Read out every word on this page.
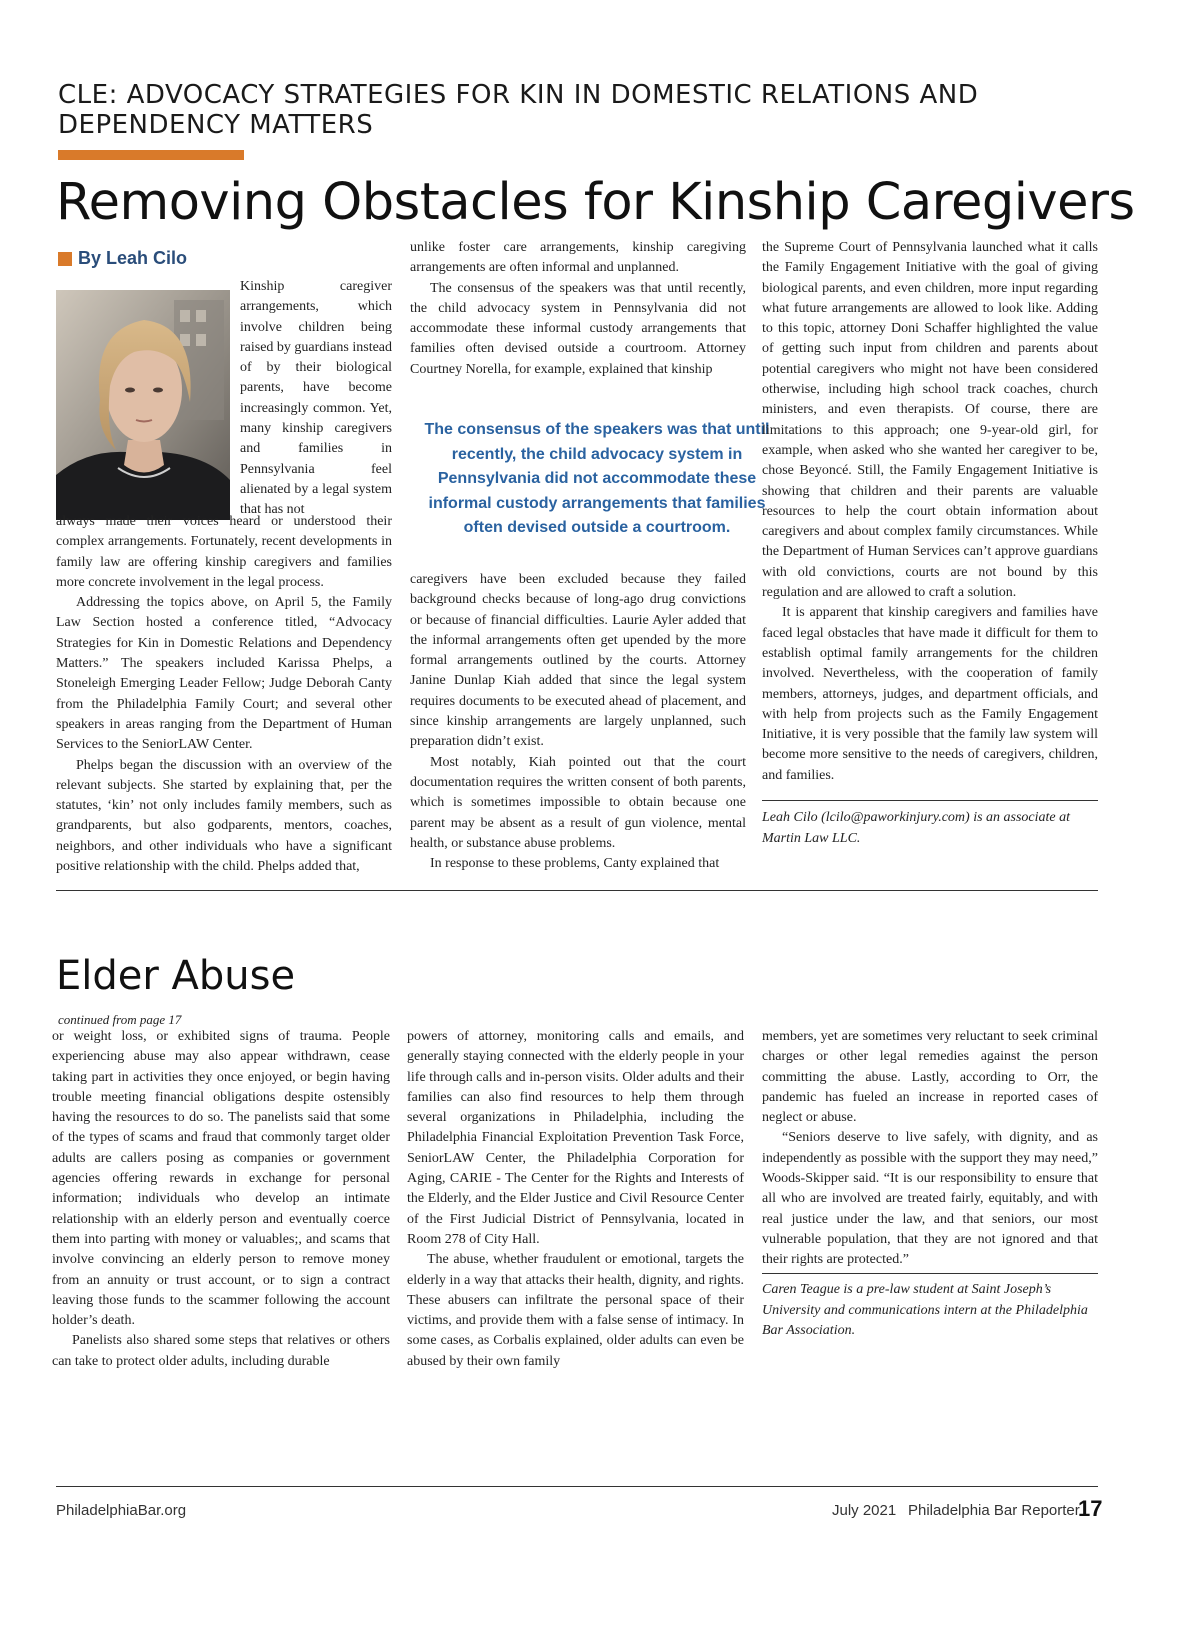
CLE: ADVOCACY STRATEGIES FOR KIN IN DOMESTIC RELATIONS AND DEPENDENCY MATTERS
Removing Obstacles for Kinship Caregivers
By Leah Cilo

Kinship caregiver arrangements, which involve children being raised by guardians instead of by their biological parents, have become increasingly common. Yet, many kinship caregivers and families in Pennsylvania feel alienated by a legal system that has not

always made their voices heard or understood their complex arrangements. Fortunately, recent developments in family law are offering kinship caregivers and families more concrete involvement in the legal process.

Addressing the topics above, on April 5, the Family Law Section hosted a conference titled, “Advocacy Strategies for Kin in Domestic Relations and Dependency Matters.” The speakers included Karissa Phelps, a Stoneleigh Emerging Leader Fellow; Judge Deborah Canty from the Philadelphia Family Court; and several other speakers in areas ranging from the Department of Human Services to the SeniorLAW Center.

Phelps began the discussion with an overview of the relevant subjects. She started by explaining that, per the statutes, ‘kin’ not only includes family members, such as grandparents, but also godparents, mentors, coaches, neighbors, and other individuals who have a significant positive relationship with the child. Phelps added that,

unlike foster care arrangements, kinship caregiving arrangements are often informal and unplanned.

The consensus of the speakers was that until recently, the child advocacy system in Pennsylvania did not accommodate these informal custody arrangements that families often devised outside a courtroom. Attorney Courtney Norella, for example, explained that kinship

The consensus of the speakers was that until recently, the child advocacy system in Pennsylvania did not accommodate these informal custody arrangements that families often devised outside a courtroom.

caregivers have been excluded because they failed background checks because of long-ago drug convictions or because of financial difficulties. Laurie Ayler added that the informal arrangements often get upended by the more formal arrangements outlined by the courts. Attorney Janine Dunlap Kiah added that since the legal system requires documents to be executed ahead of placement, and since kinship arrangements are largely unplanned, such preparation didn’t exist.

Most notably, Kiah pointed out that the court documentation requires the written consent of both parents, which is sometimes impossible to obtain because one parent may be absent as a result of gun violence, mental health, or substance abuse problems.

In response to these problems, Canty explained that

the Supreme Court of Pennsylvania launched what it calls the Family Engagement Initiative with the goal of giving biological parents, and even children, more input regarding what future arrangements are allowed to look like. Adding to this topic, attorney Doni Schaffer highlighted the value of getting such input from children and parents about potential caregivers who might not have been considered otherwise, including high school track coaches, church ministers, and even therapists. Of course, there are limitations to this approach; one 9-year-old girl, for example, when asked who she wanted her caregiver to be, chose Beyoncé. Still, the Family Engagement Initiative is showing that children and their parents are valuable resources to help the court obtain information about caregivers and about complex family circumstances. While the Department of Human Services can’t approve guardians with old convictions, courts are not bound by this regulation and are allowed to craft a solution.

It is apparent that kinship caregivers and families have faced legal obstacles that have made it difficult for them to establish optimal family arrangements for the children involved. Nevertheless, with the cooperation of family members, attorneys, judges, and department officials, and with help from projects such as the Family Engagement Initiative, it is very possible that the family law system will become more sensitive to the needs of caregivers, children, and families.

Leah Cilo (lcilo@paworkinjury.com) is an associate at Martin Law LLC.
Elder Abuse
continued from page 17

or weight loss, or exhibited signs of trauma. People experiencing abuse may also appear withdrawn, cease taking part in activities they once enjoyed, or begin having trouble meeting financial obligations despite ostensibly having the resources to do so. The panelists said that some of the types of scams and fraud that commonly target older adults are callers posing as companies or government agencies offering rewards in exchange for personal information; individuals who develop an intimate relationship with an elderly person and eventually coerce them into parting with money or valuables;, and scams that involve convincing an elderly person to remove money from an annuity or trust account, or to sign a contract leaving those funds to the scammer following the account holder’s death.

Panelists also shared some steps that relatives or others can take to protect older adults, including durable

powers of attorney, monitoring calls and emails, and generally staying connected with the elderly people in your life through calls and in-person visits. Older adults and their families can also find resources to help them through several organizations in Philadelphia, including the Philadelphia Financial Exploitation Prevention Task Force, SeniorLAW Center, the Philadelphia Corporation for Aging, CARIE - The Center for the Rights and Interests of the Elderly, and the Elder Justice and Civil Resource Center of the First Judicial District of Pennsylvania, located in Room 278 of City Hall.

The abuse, whether fraudulent or emotional, targets the elderly in a way that attacks their health, dignity, and rights. These abusers can infiltrate the personal space of their victims, and provide them with a false sense of intimacy. In some cases, as Corbalis explained, older adults can even be abused by their own family

members, yet are sometimes very reluctant to seek criminal charges or other legal remedies against the person committing the abuse. Lastly, according to Orr, the pandemic has fueled an increase in reported cases of neglect or abuse.

“Seniors deserve to live safely, with dignity, and as independently as possible with the support they may need,” Woods-Skipper said. “It is our responsibility to ensure that all who are involved are treated fairly, equitably, and with real justice under the law, and that seniors, our most vulnerable population, that they are not ignored and that their rights are protected.”

Caren Teague is a pre-law student at Saint Joseph’s University and communications intern at the Philadelphia Bar Association.
PhiladelphiaBar.org	July 2021 Philadelphia Bar Reporter
17
